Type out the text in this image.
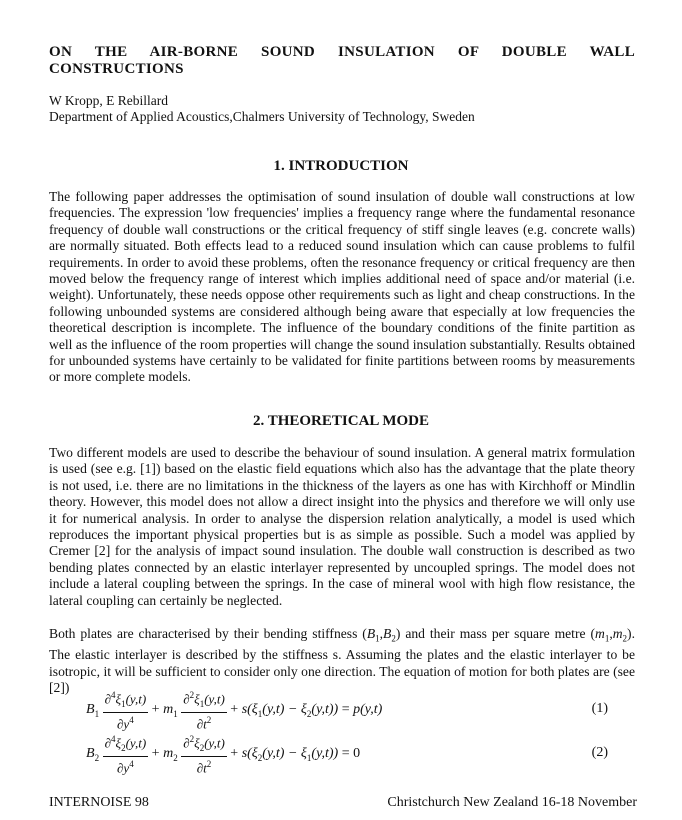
ON THE AIR-BORNE SOUND INSULATION OF DOUBLE WALL CONSTRUCTIONS
W Kropp, E Rebillard
Department of Applied Acoustics,Chalmers University of Technology, Sweden
1. INTRODUCTION

The following paper addresses the optimisation of sound insulation of double wall constructions at low frequencies. The expression 'low frequencies' implies a frequency range where the fundamental resonance frequency of double wall constructions or the critical frequency of stiff single leaves (e.g. concrete walls) are normally situated. Both effects lead to a reduced sound insulation which can cause problems to fulfil requirements. In order to avoid these problems, often the resonance frequency or critical frequency are then moved below the frequency range of interest which implies additional need of space and/or material (i.e. weight). Unfortunately, these needs oppose other requirements such as light and cheap constructions. In the following unbounded systems are considered although being aware that especially at low frequencies the theoretical description is incomplete. The influence of the boundary conditions of the finite partition as well as the influence of the room properties will change the sound insulation substantially. Results obtained for unbounded systems have certainly to be validated for finite partitions between rooms by measurements or more complete models.

2. THEORETICAL MODE

Two different models are used to describe the behaviour of sound insulation. A general matrix formulation is used (see e.g. [1]) based on the elastic field equations which also has the advantage that the plate theory is not used, i.e. there are no limitations in the thickness of the layers as one has with Kirchhoff or Mindlin theory. However, this model does not allow a direct insight into the physics and therefore we will only use it for numerical analysis. In order to analyse the dispersion relation analytically, a model is used which reproduces the important physical properties but is as simple as possible. Such a model was applied by Cremer [2] for the analysis of impact sound insulation. The double wall construction is described as two bending plates connected by an elastic interlayer represented by uncoupled springs. The model does not include a lateral coupling between the springs. In the case of mineral wool with high flow resistance, the lateral coupling can certainly be neglected.

Both plates are characterised by their bending stiffness $(B_1,B_2)$ and their mass per square metre $(m_1,m_2)$. The elastic interlayer is described by the stiffness s. Assuming the plates and the elastic interlayer to be isotropic, it will be sufficient to consider only one direction. The equation of motion for both plates are (see [2])

$B_1 \frac{\partial^4\xi_1(y,t)}{\partial y^4} + m_1 \frac{\partial^2\xi_1(y,t)}{\partial t^2} + s(\xi_1(y,t) - \xi_2(y,t)) = p(y,t)$	(1)
$B_2 \frac{\partial^4\xi_2(y,t)}{\partial y^4} + m_2 \frac{\partial^2\xi_2(y,t)}{\partial t^2} + s(\xi_2(y,t) - \xi_1(y,t)) = 0$	(2)
INTERNOISE 98	Christchurch New Zealand 16-18 November
